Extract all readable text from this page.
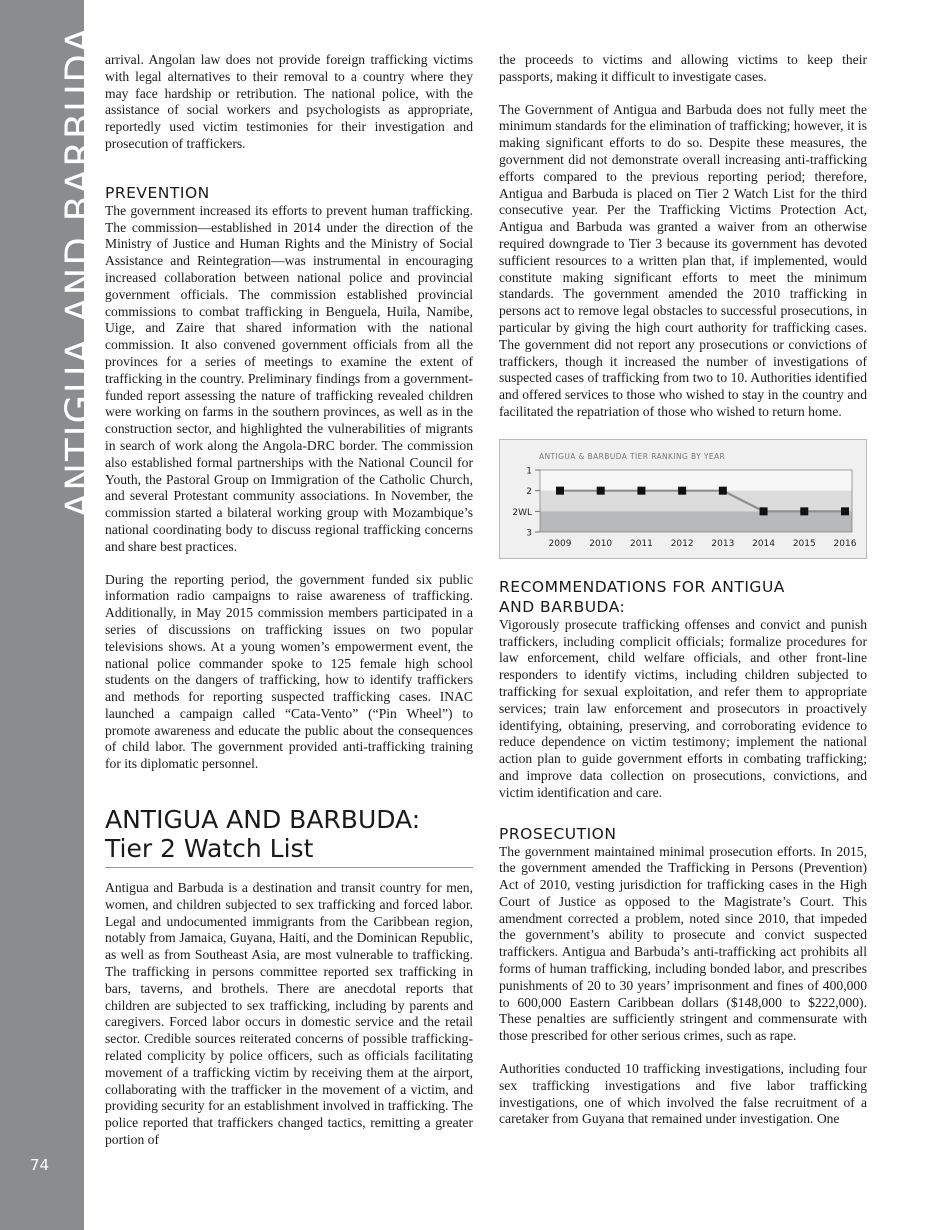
ANTIGUA AND BARBUDA
74

arrival. Angolan law does not provide foreign trafficking victims with legal alternatives to their removal to a country where they may face hardship or retribution. The national police, with the assistance of social workers and psychologists as appropriate, reportedly used victim testimonies for their investigation and prosecution of traffickers.

PREVENTION

The government increased its efforts to prevent human trafficking. The commission—established in 2014 under the direction of the Ministry of Justice and Human Rights and the Ministry of Social Assistance and Reintegration—was instrumental in encouraging increased collaboration between national police and provincial government officials. The commission established provincial commissions to combat trafficking in Benguela, Huila, Namibe, Uige, and Zaire that shared information with the national commission. It also convened government officials from all the provinces for a series of meetings to examine the extent of trafficking in the country. Preliminary findings from a government-funded report assessing the nature of trafficking revealed children were working on farms in the southern provinces, as well as in the construction sector, and highlighted the vulnerabilities of migrants in search of work along the Angola-DRC border. The commission also established formal partnerships with the National Council for Youth, the Pastoral Group on Immigration of the Catholic Church, and several Protestant community associations. In November, the commission started a bilateral working group with Mozambique’s national coordinating body to discuss regional trafficking concerns and share best practices.

During the reporting period, the government funded six public information radio campaigns to raise awareness of trafficking. Additionally, in May 2015 commission members participated in a series of discussions on trafficking issues on two popular televisions shows. At a young women’s empowerment event, the national police commander spoke to 125 female high school students on the dangers of trafficking, how to identify traffickers and methods for reporting suspected trafficking cases. INAC launched a campaign called “Cata-Vento” (“Pin Wheel”) to promote awareness and educate the public about the consequences of child labor. The government provided anti-trafficking training for its diplomatic personnel.

ANTIGUA AND BARBUDA:
Tier 2 Watch List

Antigua and Barbuda is a destination and transit country for men, women, and children subjected to sex trafficking and forced labor. Legal and undocumented immigrants from the Caribbean region, notably from Jamaica, Guyana, Haiti, and the Dominican Republic, as well as from Southeast Asia, are most vulnerable to trafficking. The trafficking in persons committee reported sex trafficking in bars, taverns, and brothels. There are anecdotal reports that children are subjected to sex trafficking, including by parents and caregivers. Forced labor occurs in domestic service and the retail sector. Credible sources reiterated concerns of possible trafficking-related complicity by police officers, such as officials facilitating movement of a trafficking victim by receiving them at the airport, collaborating with the trafficker in the movement of a victim, and providing security for an establishment involved in trafficking. The police reported that traffickers changed tactics, remitting a greater portion of

the proceeds to victims and allowing victims to keep their passports, making it difficult to investigate cases.

The Government of Antigua and Barbuda does not fully meet the minimum standards for the elimination of trafficking; however, it is making significant efforts to do so. Despite these measures, the government did not demonstrate overall increasing anti-trafficking efforts compared to the previous reporting period; therefore, Antigua and Barbuda is placed on Tier 2 Watch List for the third consecutive year. Per the Trafficking Victims Protection Act, Antigua and Barbuda was granted a waiver from an otherwise required downgrade to Tier 3 because its government has devoted sufficient resources to a written plan that, if implemented, would constitute making significant efforts to meet the minimum standards. The government amended the 2010 trafficking in persons act to remove legal obstacles to successful prosecutions, in particular by giving the high court authority for trafficking cases. The government did not report any prosecutions or convictions of traffickers, though it increased the number of investigations of suspected cases of trafficking from two to 10. Authorities identified and offered services to those who wished to stay in the country and facilitated the repatriation of those who wished to return home.

ANTIGUA & BARBUDA TIER RANKING BY YEAR
1
2
2WL
3
2009 2010 2011 2012 2013 2014 2015 2016
RECOMMENDATIONS FOR ANTIGUA
AND BARBUDA:

Vigorously prosecute trafficking offenses and convict and punish traffickers, including complicit officials; formalize procedures for law enforcement, child welfare officials, and other front-line responders to identify victims, including children subjected to trafficking for sexual exploitation, and refer them to appropriate services; train law enforcement and prosecutors in proactively identifying, obtaining, preserving, and corroborating evidence to reduce dependence on victim testimony; implement the national action plan to guide government efforts in combating trafficking; and improve data collection on prosecutions, convictions, and victim identification and care.

PROSECUTION

The government maintained minimal prosecution efforts. In 2015, the government amended the Trafficking in Persons (Prevention) Act of 2010, vesting jurisdiction for trafficking cases in the High Court of Justice as opposed to the Magistrate’s Court. This amendment corrected a problem, noted since 2010, that impeded the government’s ability to prosecute and convict suspected traffickers. Antigua and Barbuda’s anti-trafficking act prohibits all forms of human trafficking, including bonded labor, and prescribes punishments of 20 to 30 years’ imprisonment and fines of 400,000 to 600,000 Eastern Caribbean dollars ($148,000 to $222,000). These penalties are sufficiently stringent and commensurate with those prescribed for other serious crimes, such as rape.

Authorities conducted 10 trafficking investigations, including four sex trafficking investigations and five labor trafficking investigations, one of which involved the false recruitment of a caretaker from Guyana that remained under investigation. One
